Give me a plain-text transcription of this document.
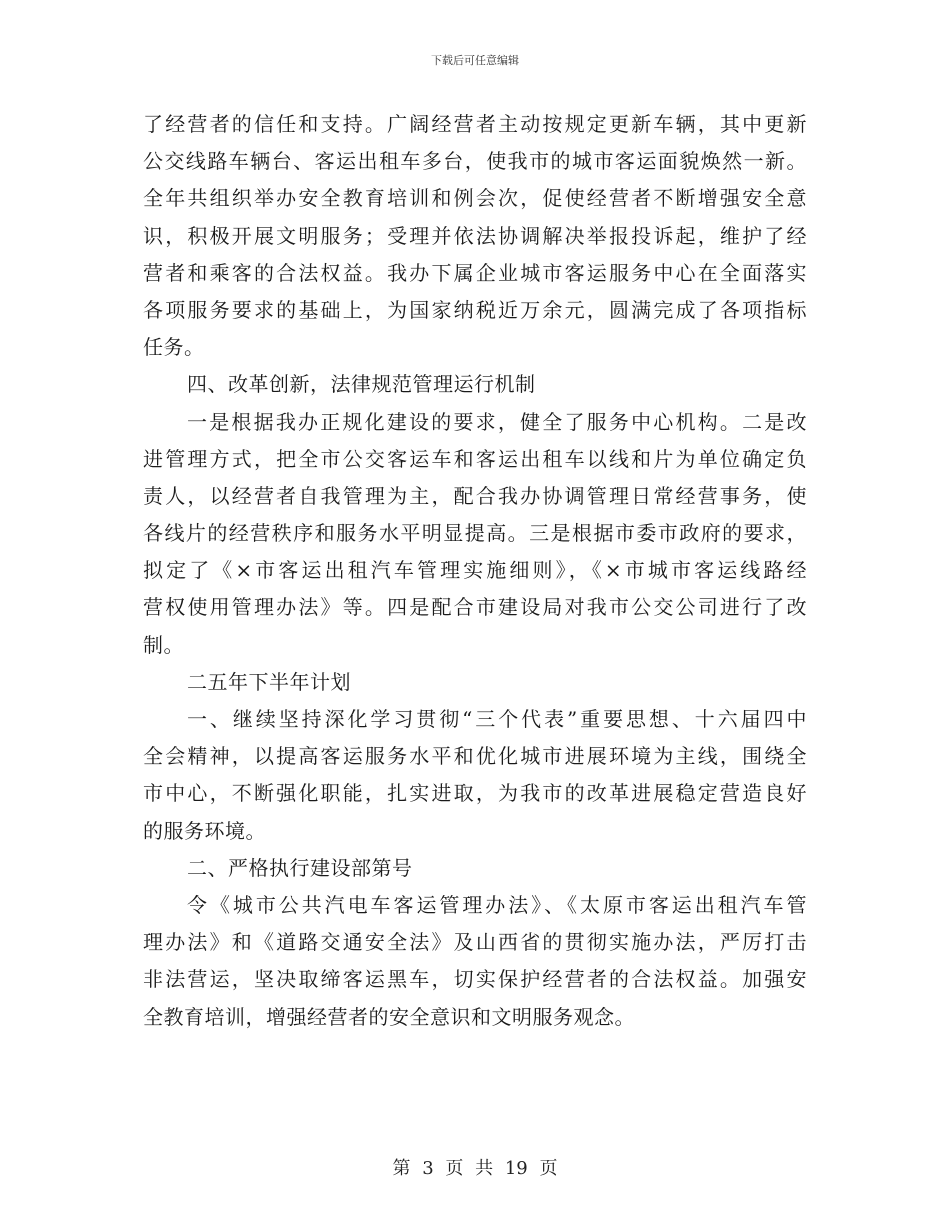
下载后可任意编辑
了经营者的信任和支持。广阔经营者主动按规定更新车辆，其中更新
公交线路车辆台、客运出租车多台，使我市的城市客运面貌焕然一新。
全年共组织举办安全教育培训和例会次，促使经营者不断增强安全意
识，积极开展文明服务；受理并依法协调解决举报投诉起，维护了经
营者和乘客的合法权益。我办下属企业城市客运服务中心在全面落实
各项服务要求的基础上，为国家纳税近万余元，圆满完成了各项指标
任务。
四、改革创新，法律规范管理运行机制
一是根据我办正规化建设的要求，健全了服务中心机构。二是改
进管理方式，把全市公交客运车和客运出租车以线和片为单位确定负
责人，以经营者自我管理为主，配合我办协调管理日常经营事务，使
各线片的经营秩序和服务水平明显提高。三是根据市委市政府的要求，
拟定了《×市客运出租汽车管理实施细则》，《×市城市客运线路经
营权使用管理办法》等。四是配合市建设局对我市公交公司进行了改
制。
二五年下半年计划
一、继续坚持深化学习贯彻“三个代表”重要思想、十六届四中
全会精神，以提高客运服务水平和优化城市进展环境为主线，围绕全
市中心，不断强化职能，扎实进取，为我市的改革进展稳定营造良好
的服务环境。
二、严格执行建设部第号
令《城市公共汽电车客运管理办法》、《太原市客运出租汽车管
理办法》和《道路交通安全法》及山西省的贯彻实施办法，严厉打击
非法营运，坚决取缔客运黑车，切实保护经营者的合法权益。加强安
全教育培训，增强经营者的安全意识和文明服务观念。
第 3 页 共 19 页
